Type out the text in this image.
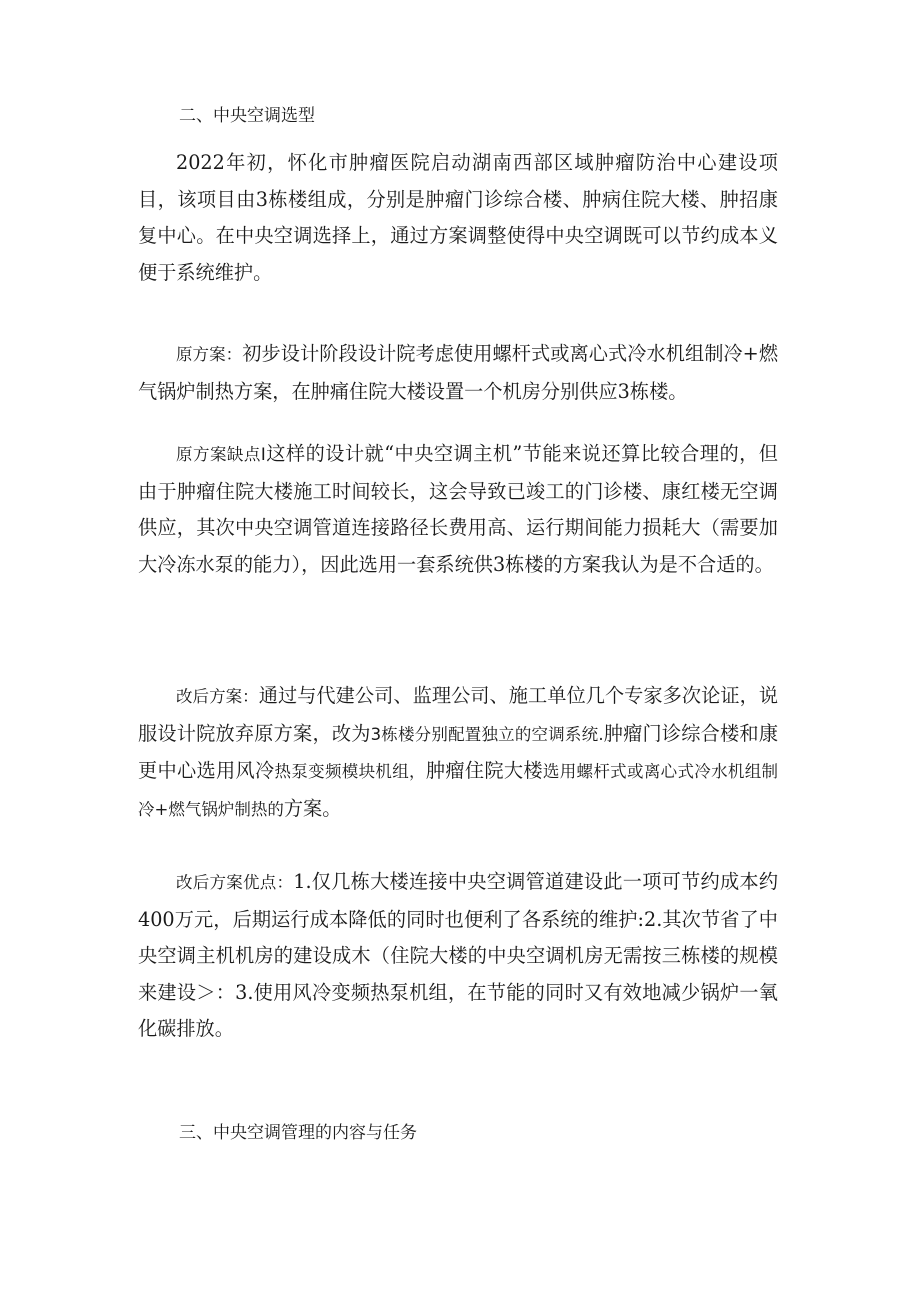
二、中央空调选型

2022年初，怀化市肿瘤医院启动湖南西部区域肿瘤防治中心建设项目，该项目由3栋楼组成，分别是肿瘤门诊综合楼、肿病住院大楼、肿招康复中心。在中央空调选择上，通过方案调整使得中央空调既可以节约成本义便于系统维护。

原方案：初步设计阶段设计院考虑使用螺杆式或离心式冷水机组制冷+燃气锅炉制热方案，在肿痛住院大楼设置一个机房分别供应3栋楼。

原方案缺点I这样的设计就“中央空调主机”节能来说还算比较合理的，但由于肿瘤住院大楼施工时间较长，这会导致已竣工的门诊楼、康红楼无空调供应，其次中央空调管道连接路径长费用高、运行期间能力损耗大（需要加大冷冻水泵的能力），因此选用一套系统供3栋楼的方案我认为是不合适的。

改后方案：通过与代建公司、监理公司、施工单位几个专家多次论证，说服设计院放弃原方案，改为3栋楼分别配置独立的空调系统.肿瘤门诊综合楼和康更中心选用风冷热泵变频模块机组，肿瘤住院大楼选用螺杆式或离心式冷水机组制冷+燃气锅炉制热的方案。

改后方案优点：1.仅几栋大楼连接中央空调管道建设此一项可节约成本约400万元，后期运行成本降低的同时也便利了各系统的维护:2.其次节省了中央空调主机机房的建设成木（住院大楼的中央空调机房无需按三栋楼的规模来建设＞：3.使用风冷变频热泵机组，在节能的同时又有效地减少锅炉一氧化碳排放。

三、中央空调管理的内容与任务
